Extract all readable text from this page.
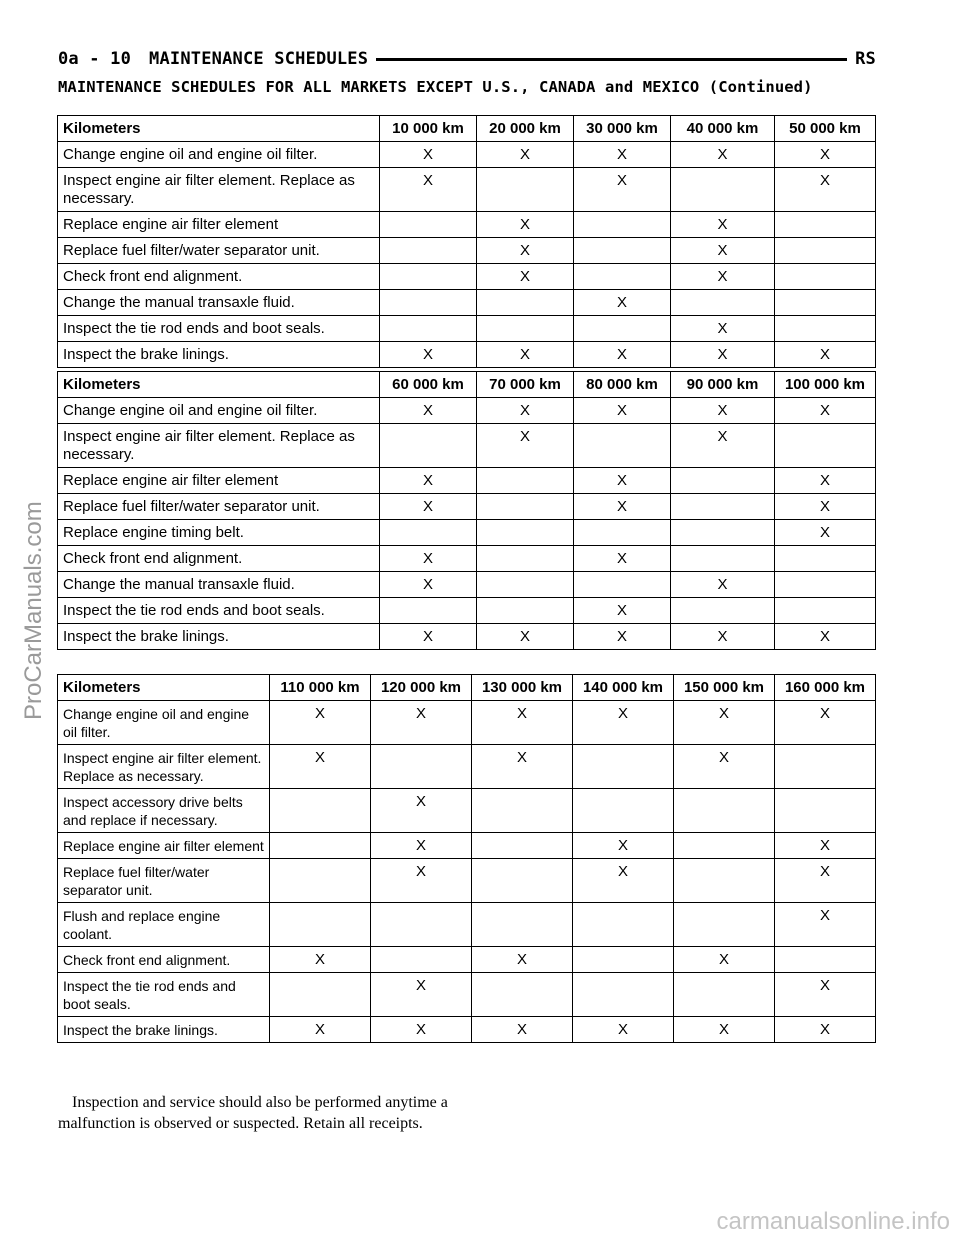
0a - 10 MAINTENANCE SCHEDULES	RS
MAINTENANCE SCHEDULES FOR ALL MARKETS EXCEPT U.S., CANADA and MEXICO (Continued)
Kilometers	10 000 km	20 000 km	30 000 km	40 000 km	50 000 km
Change engine oil and engine oil filter.	X	X	X	X	X
Inspect engine air filter element. Replace as necessary.	X		X		X
Replace engine air filter element		X		X	
Replace fuel filter/water separator unit.		X		X	
Check front end alignment.		X		X	
Change the manual transaxle fluid.			X		
Inspect the tie rod ends and boot seals.				X	
Inspect the brake linings.	X	X	X	X	X
Kilometers	60 000 km	70 000 km	80 000 km	90 000 km	100 000 km
Change engine oil and engine oil filter.	X	X	X	X	X
Inspect engine air filter element. Replace as necessary.		X		X	
Replace engine air filter element	X		X		X
Replace fuel filter/water separator unit.	X		X		X
Replace engine timing belt.					X
Check front end alignment.	X		X		
Change the manual transaxle fluid.	X			X	
Inspect the tie rod ends and boot seals.			X		
Inspect the brake linings.	X	X	X	X	X
Kilometers	110 000 km	120 000 km	130 000 km	140 000 km	150 000 km	160 000 km
Change engine oil and engine oil filter.	X	X	X	X	X	X
Inspect engine air filter element. Replace as necessary.	X		X		X	
Inspect accessory drive belts and replace if necessary.		X				
Replace engine air filter element		X		X		X
Replace fuel filter/water separator unit.		X		X		X
Flush and replace engine coolant.						X
Check front end alignment.	X		X		X	
Inspect the tie rod ends and boot seals.		X				X
Inspect the brake linings.	X	X	X	X	X	X
Inspection and service should also be performed anytime a malfunction is observed or suspected. Retain all receipts.
ProCarManuals.com
carmanualsonline.info
